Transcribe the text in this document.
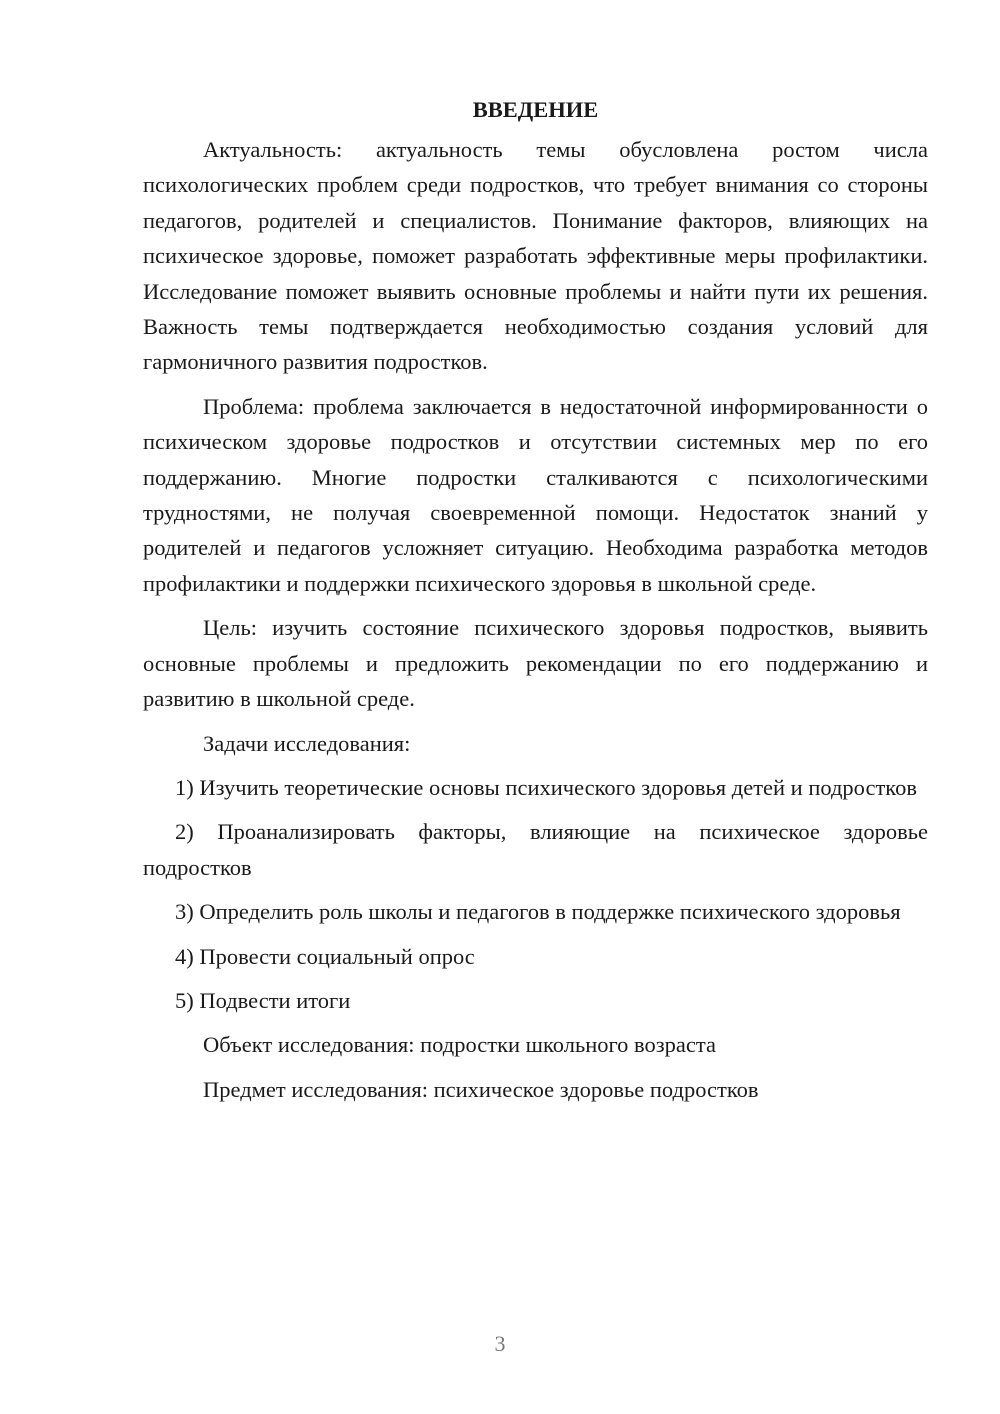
ВВЕДЕНИЕ

Актуальность: актуальность темы обусловлена ростом числа психологических проблем среди подростков, что требует внимания со стороны педагогов, родителей и специалистов. Понимание факторов, влияющих на психическое здоровье, поможет разработать эффективные меры профилактики. Исследование поможет выявить основные проблемы и найти пути их решения. Важность темы подтверждается необходимостью создания условий для гармоничного развития подростков.

Проблема: проблема заключается в недостаточной информированности о психическом здоровье подростков и отсутствии системных мер по его поддержанию. Многие подростки сталкиваются с психологическими трудностями, не получая своевременной помощи. Недостаток знаний у родителей и педагогов усложняет ситуацию. Необходима разработка методов профилактики и поддержки психического здоровья в школьной среде.

Цель: изучить состояние психического здоровья подростков, выявить основные проблемы и предложить рекомендации по его поддержанию и развитию в школьной среде.

Задачи исследования:

1) Изучить теоретические основы психического здоровья детей и подростков

2) Проанализировать факторы, влияющие на психическое здоровье подростков

3) Определить роль школы и педагогов в поддержке психического здоровья

4) Провести социальный опрос

5) Подвести итоги

Объект исследования: подростки школьного возраста

Предмет исследования: психическое здоровье подростков

3
